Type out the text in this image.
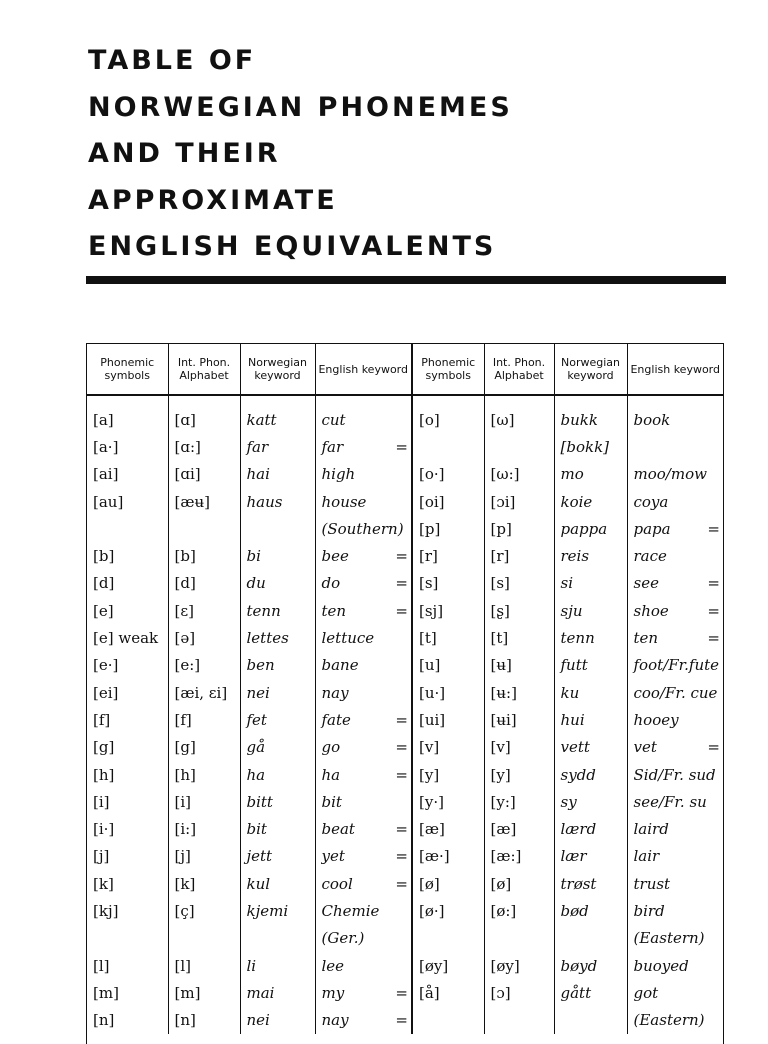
TABLE OF
NORWEGIAN PHONEMES
AND THEIR
APPROXIMATE
ENGLISH EQUIVALENTS
Phonemic symbols	Int. Phon. Alphabet	Norwegian keyword	English keyword	Phonemic symbols	Int. Phon. Alphabet	Norwegian keyword	English keyword
[a]	[ɑ]	katt	cut	[o]	[ω]	bukk	book
[a·]	[ɑ:]	far	far =			[bokk]	
[ai]	[ɑi]	hai	high	[o·]	[ω:]	mo	moo/mow
[au]	[æʉ]	haus	house	[oi]	[ɔi]	koie	coya
			(Southern)	[p]	[p]	pappa	papa =

[b]	[b]	bi	bee =	[r]	[r]	reis	race
[d]	[d]	du	do =	[s]	[s]	si	see =

[e]	[ɛ]	tenn	ten =	[sj]	[ʂ]	sju	shoe =

[e] weak	[ə]	lettes	lettuce	[t]	[t]	tenn	ten =

[e·]	[e:]	ben	bane	[u]	[ʉ]	futt	foot/Fr.fute
[ei]	[æi, ɛi]	nei	nay	[u·]	[ʉ:]	ku	coo/Fr. cue
[f]	[f]	fet	fate =	[ui]	[ʉi]	hui	hooey
[g]	[g]	gå	go =	[v]	[v]	vett	vet =

[h]	[h]	ha	ha =	[y]	[y]	sydd	Sid/Fr. sud
[i]	[i]	bitt	bit	[y·]	[y:]	sy	see/Fr. su
[i·]	[i:]	bit	beat =	[æ]	[æ]	lærd	laird
[j]	[j]	jett	yet =	[æ·]	[æ:]	lær	lair
[k]	[k]	kul	cool =	[ø]	[ø]	trøst	trust
[kj]	[ç]	kjemi	Chemie	[ø·]	[ø:]	bød	bird
			(Ger.)				(Eastern)
[l]	[l]	li	lee	[øy]	[øy]	bøyd	buoyed
[m]	[m]	mai	my =	[å]	[ɔ]	gått	got
[n]	[n]	nei	nay =				(Eastern)
